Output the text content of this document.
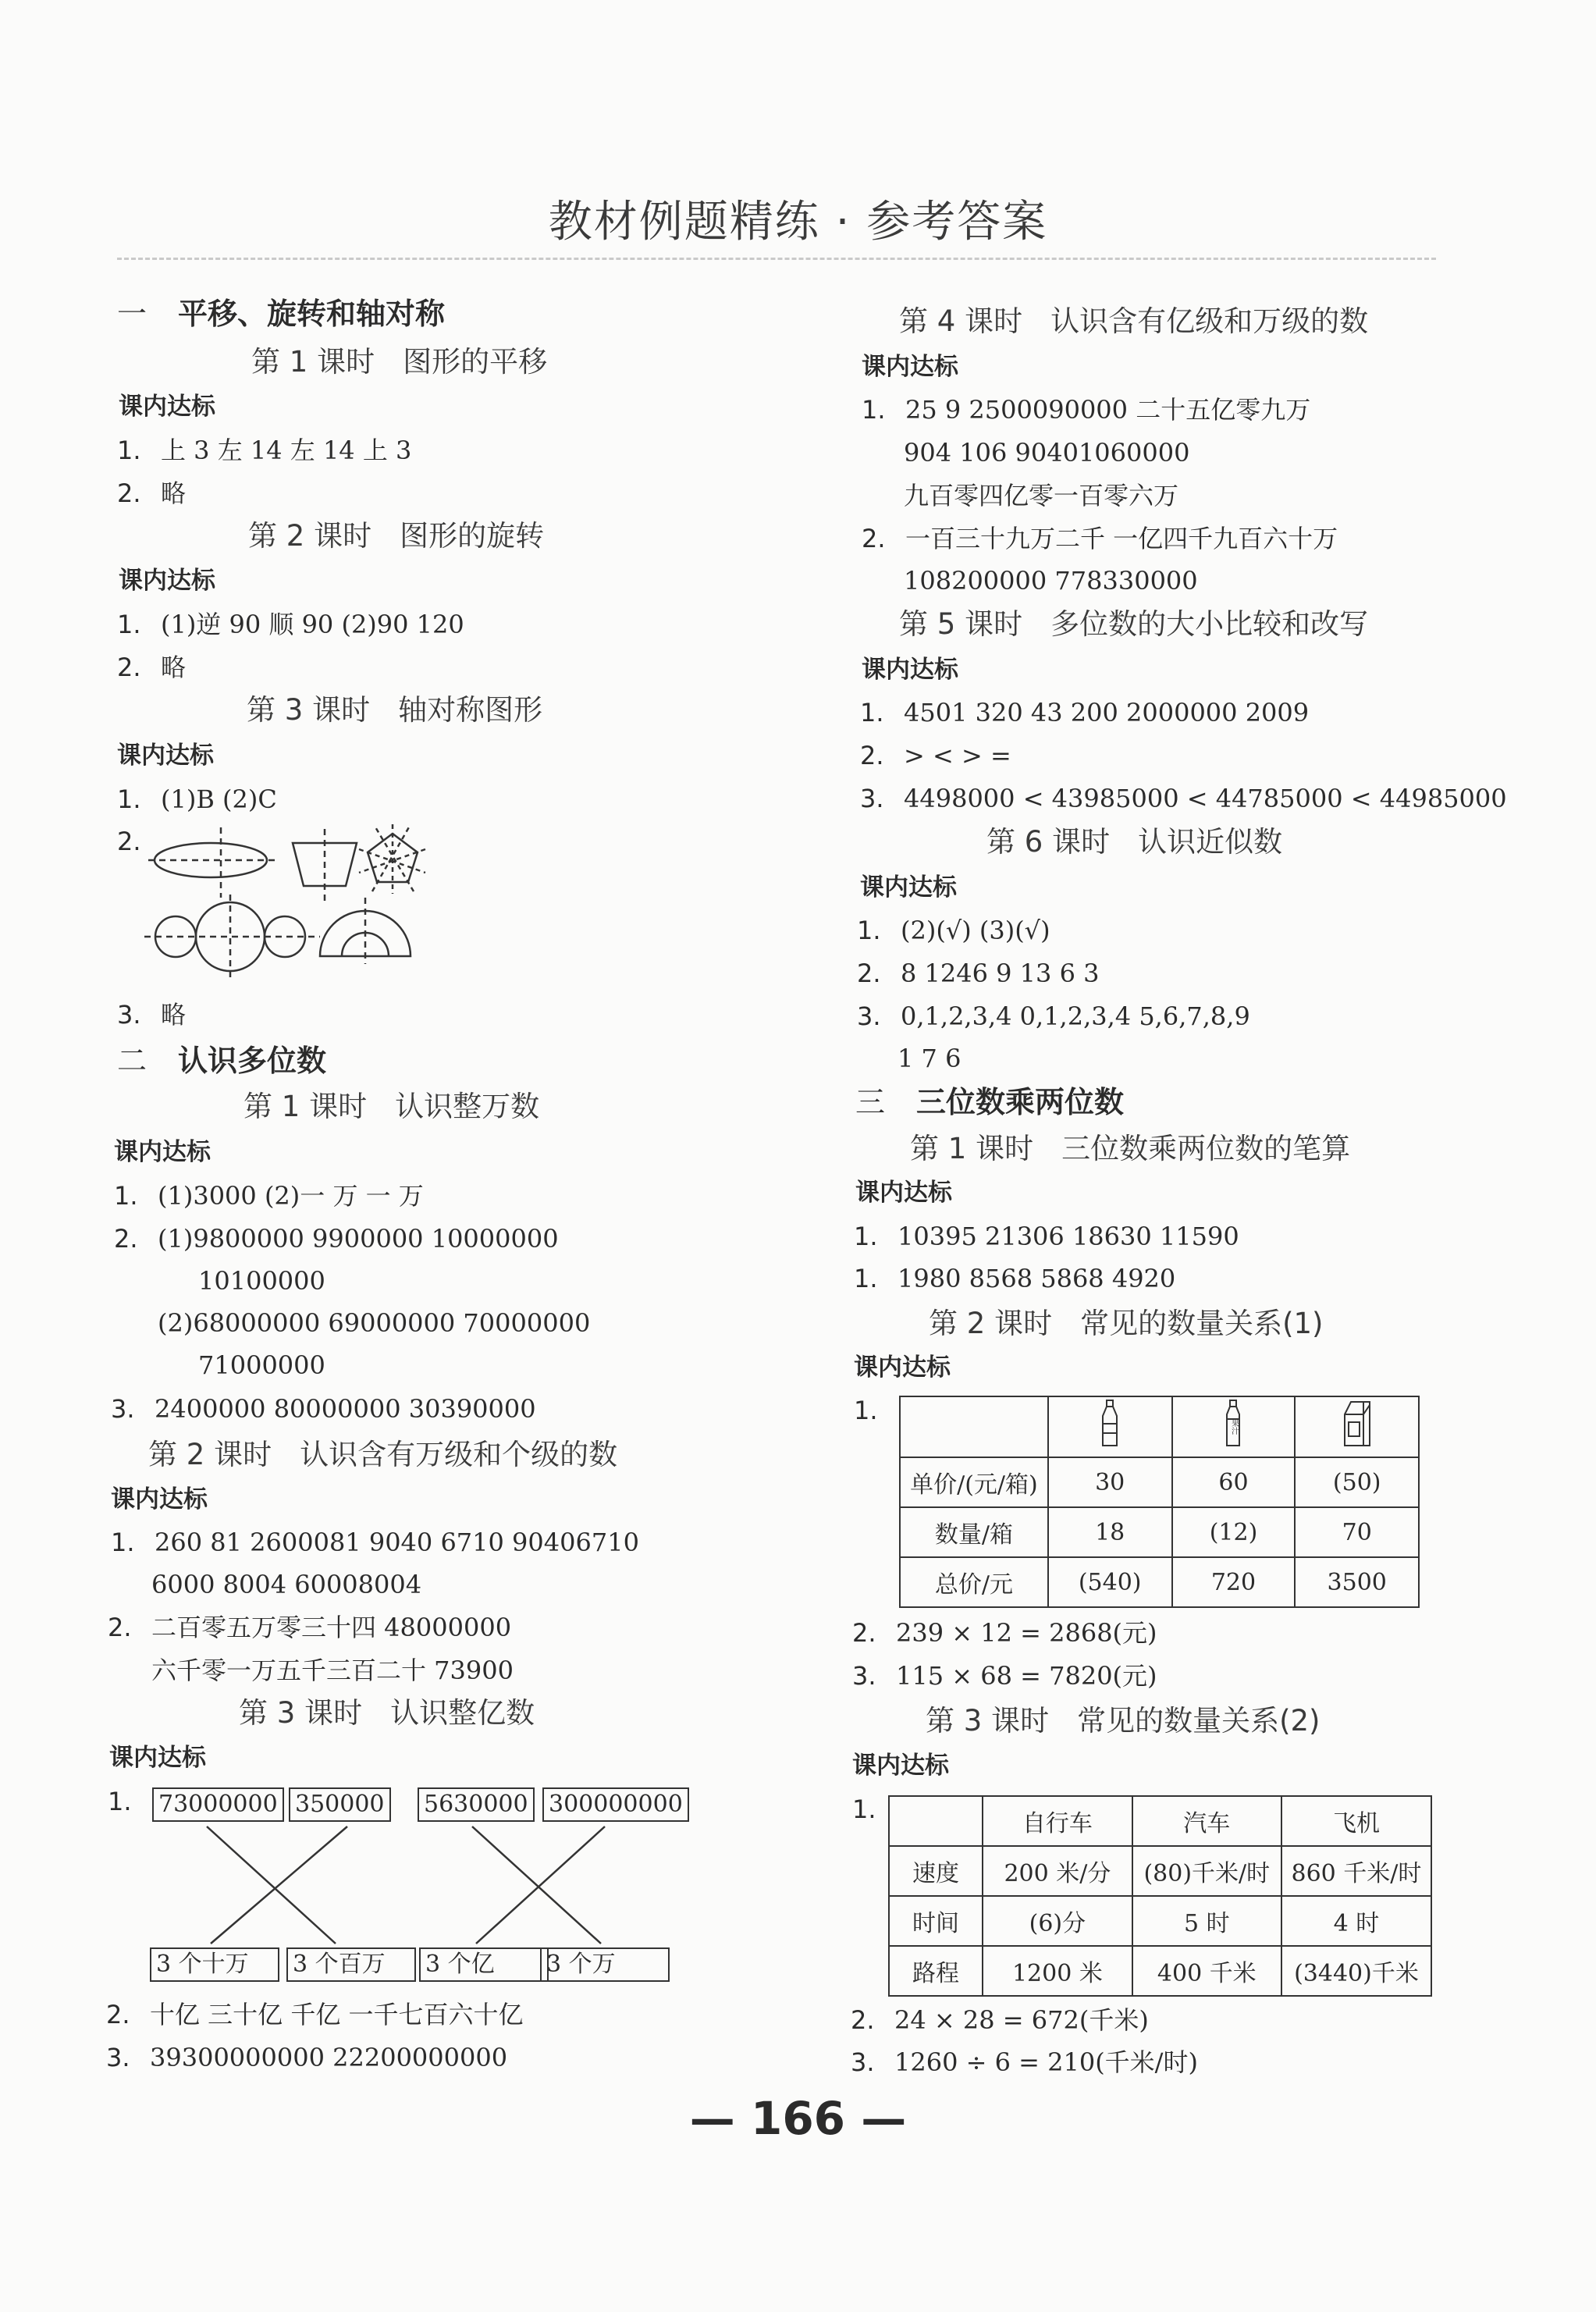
教材例题精练 · 参考答案
一 平移、旋转和轴对称
第 1 课时 图形的平移
课内达标
1. 上 3 左 14 左 14 上 3
2. 略
第 2 课时 图形的旋转
课内达标
1. (1)逆 90 顺 90 (2)90 120
2. 略
第 3 课时 轴对称图形
课内达标
1. (1)B (2)C
2.
3. 略
二 认识多位数
第 1 课时 认识整万数
课内达标
1. (1)3000 (2)一 万 一 万
2. (1)9800000 9900000 10000000
10100000
(2)68000000 69000000 70000000
71000000
3. 2400000 80000000 30390000
第 2 课时 认识含有万级和个级的数
课内达标
1. 260 81 2600081 9040 6710 90406710
6000 8004 60008004
2. 二百零五万零三十四 48000000
六千零一万五千三百二十 73900
第 3 课时 认识整亿数
课内达标
1.	73000000 350000 5630000 300000000
3 个十万	3 个百万	3 个亿	3 个万
2. 十亿 三十亿 千亿 一千七百六十亿
3. 39300000000 22200000000
第 4 课时 认识含有亿级和万级的数
课内达标
1. 25 9 2500090000 二十五亿零九万
904 106 90401060000
九百零四亿零一百零六万
2. 一百三十九万二千 一亿四千九百六十万
108200000 778330000
第 5 课时 多位数的大小比较和改写
课内达标
1. 4501 320 43 200 2000000 2009
2. > < > =
3. 4498000 < 43985000 < 44785000 < 44985000
第 6 课时 认识近似数
课内达标
1. (2)(√) (3)(√)
2. 8 1246 9 13 6 3
3. 0,1,2,3,4 0,1,2,3,4 5,6,7,8,9
1 7 6
三 三位数乘两位数
第 1 课时 三位数乘两位数的笔算
课内达标
1. 10395 21306 18630 11590
1. 1980 8568 5868 4920
第 2 课时 常见的数量关系(1)
课内达标
1.

果汁

单价/(元/箱)	30	60	(50)
数量/箱	18	(12)	70
总价/元	(540)	720	3500
2. 239 × 12 = 2868(元)
3. 115 × 68 = 7820(元)
第 3 课时 常见的数量关系(2)
课内达标
1.
		自行车	汽车	飞机
速度	200 米/分	(80)千米/时	860 千米/时
时间	(6)分	5 时	4 时
路程	1200 米	400 千米	(3440)千米
2. 24 × 28 = 672(千米)
3. 1260 ÷ 6 = 210(千米/时)
— 166 —
